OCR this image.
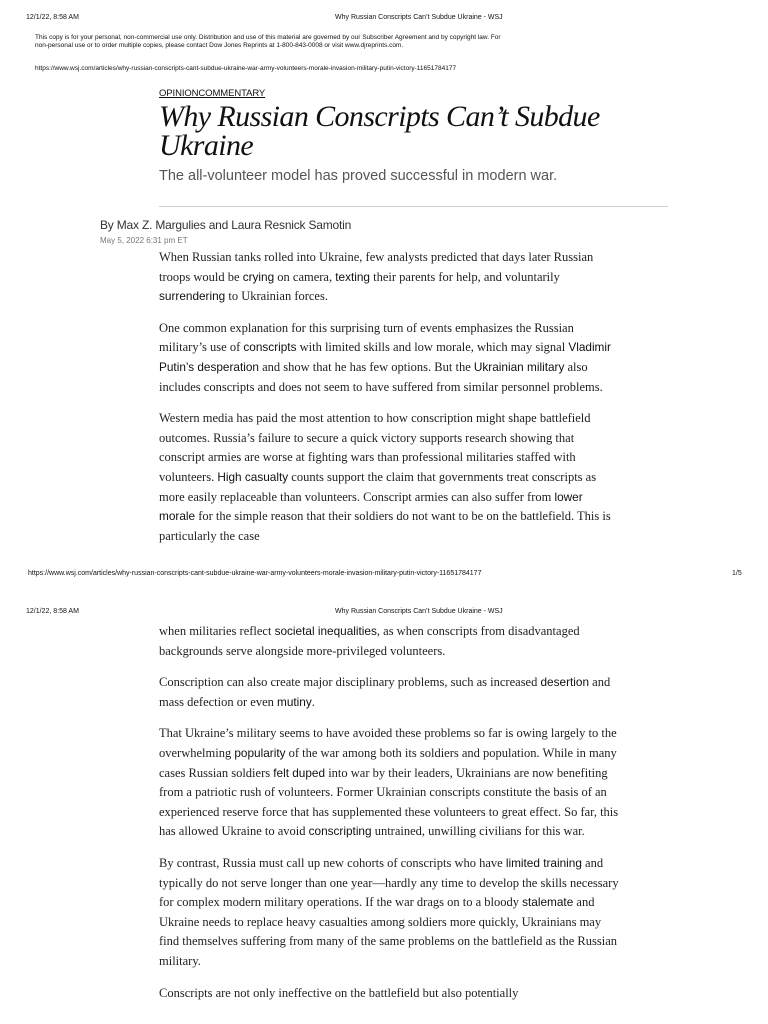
12/1/22, 8:58 AM	Why Russian Conscripts Can’t Subdue Ukraine - WSJ
This copy is for your personal, non-commercial use only. Distribution and use of this material are governed by our Subscriber Agreement and by copyright law. For
non-personal use or to order multiple copies, please contact Dow Jones Reprints at 1-800-843-0008 or visit www.djreprints.com.
https://www.wsj.com/articles/why-russian-conscripts-cant-subdue-ukraine-war-army-volunteers-morale-invasion-military-putin-victory-11651784177
OPINIONCOMMENTARY
Why Russian Conscripts Can’t Subdue Ukraine
The all-volunteer model has proved successful in modern war.
By Max Z. Margulies and Laura Resnick Samotin
May 5, 2022 6:31 pm ET

When Russian tanks rolled into Ukraine, few analysts predicted that days later Russian troops would be crying on camera, texting their parents for help, and voluntarily surrendering to Ukrainian forces.

One common explanation for this surprising turn of events emphasizes the Russian military’s use of conscripts with limited skills and low morale, which may signal Vladimir Putin’s desperation and show that he has few options. But the Ukrainian military also includes conscripts and does not seem to have suffered from similar personnel problems.

Western media has paid the most attention to how conscription might shape battlefield outcomes. Russia’s failure to secure a quick victory supports research showing that conscript armies are worse at fighting wars than professional militaries staffed with volunteers. High casualty counts support the claim that governments treat conscripts as more easily replaceable than volunteers. Conscript armies can also suffer from lower morale for the simple reason that their soldiers do not want to be on the battlefield. This is particularly the case

https://www.wsj.com/articles/why-russian-conscripts-cant-subdue-ukraine-war-army-volunteers-morale-invasion-military-putin-victory-11651784177	1/5
12/1/22, 8:58 AM	Why Russian Conscripts Can’t Subdue Ukraine - WSJ

when militaries reflect societal inequalities, as when conscripts from disadvantaged backgrounds serve alongside more-privileged volunteers.

Conscription can also create major disciplinary problems, such as increased desertion and mass defection or even mutiny.

That Ukraine’s military seems to have avoided these problems so far is owing largely to the overwhelming popularity of the war among both its soldiers and population. While in many cases Russian soldiers felt duped into war by their leaders, Ukrainians are now benefiting from a patriotic rush of volunteers. Former Ukrainian conscripts constitute the basis of an experienced reserve force that has supplemented these volunteers to great effect. So far, this has allowed Ukraine to avoid conscripting untrained, unwilling civilians for this war.

By contrast, Russia must call up new cohorts of conscripts who have limited training and typically do not serve longer than one year—hardly any time to develop the skills necessary for complex modern military operations. If the war drags on to a bloody stalemate and Ukraine needs to replace heavy casualties among soldiers more quickly, Ukrainians may find themselves suffering from many of the same problems on the battlefield as the Russian military.

Conscripts are not only ineffective on the battlefield but also potentially
